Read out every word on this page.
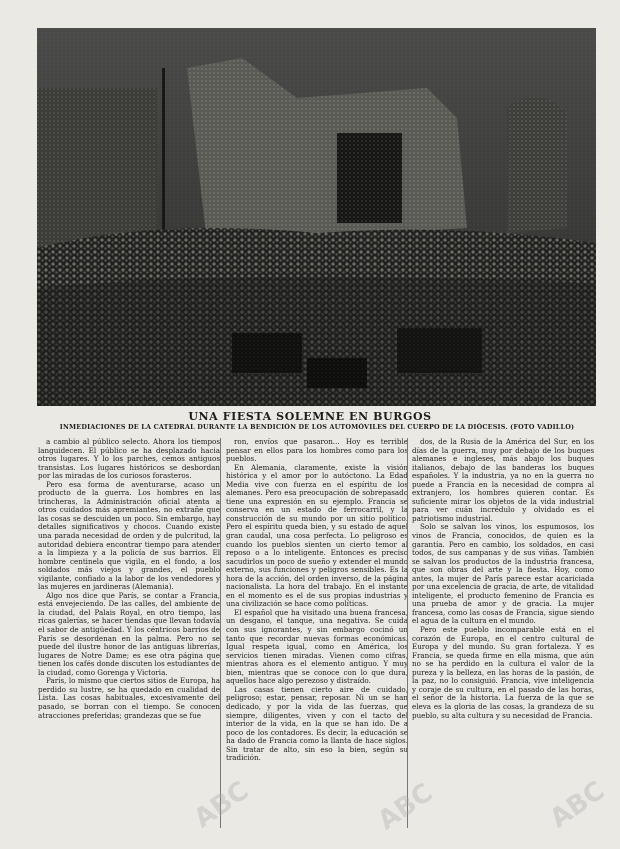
UNA FIESTA SOLEMNE EN BURGOS
INMEDIACIONES DE LA CATEDRAL DURANTE LA BENDICIÓN DE LOS AUTOMÓVILES DEL CUERPO DE LA DIÓCESIS. (FOTO VADILLO)

a cambio al público selecto. Ahora los tiempos languidecen. El público se ha desplazado hacia otros lugares. Y lo los parches, cemos antiguos transistas. Los lugares históricos se desbordan por las miradas de los curiosos forasteros.

Pero esa forma de aventurarse, acaso un producto de la guerra. Los hombres en las trincheras, la Administración oficial atenta a otros cuidados más apremiantes, no extrañe que las cosas se descuiden un poco. Sin embargo, hay detalles significativos y chocos. Cuando existe una parada necesidad de orden y de pulcritud, la autoridad debiera encontrar tiempo para atender a la limpieza y a la policía de sus barrios. El hombre centinela que vigila, en el fondo, a los soldados más viejos y grandes, el pueblo vigilante, confiado a la labor de los vendedores y las mujeres en jardineras (Alemania).

Algo nos dice que París, se contar a Francia, está envejeciendo. De las calles, del ambiente de la ciudad, del Palais Royal, en otro tiempo, las ricas galerías, se hacer tiendas que llevan todavía el sabor de antigüedad. Y los céntricos barrios de París se desordenan en la palma. Pero no se puede del ilustre honor de las antiguas librerías, lugares de Notre Dame; es ese otra página que tienen los cafés donde discuten los estudiantes de la ciudad, como Gorenga y Victoria.

París, lo mismo que ciertos sitios de Europa, ha perdido su lustre, se ha quedado en cualidad de Lista. Las cosas habituales, excesivamente del pasado, se borran con el tiempo. Se conocen atracciones preferidas; grandezas que se fue

ron, envíos que pasaron... Hoy es terrible pensar en ellos para los hombres como para los pueblos.

En Alemania, claramente, existe la visión histórica y el amor por lo autóctono. La Edad Media vive con fuerza en el espíritu de los alemanes. Pero esa preocupación de sobrepasado tiene una expresión en su ejemplo. Francia se conserva en un estado de ferrocarril, y la construcción de su mundo por un sitio político. Pero el espíritu queda bien, y su estado de aquel gran caudal, una cosa perfecta. Lo peligroso es cuando los pueblos sienten un cierto temor al reposo o a lo inteligente. Entonces es preciso sacudirlos un poco de sueño y extender el mundo externo, sus funciones y peligros sensibles. Es la hora de la acción, del orden inverso, de la página nacionalista. La hora del trabajo. En el instante en el momento es el de sus propias industrias y una civilización se hace como políticas.

El español que ha visitado una buena francesa, un desgano, el tanque, una negativa. Se cuida con sus ignorantes, y sin embargo cocinó un tanto que recordar nuevas formas económicas. Igual respeta igual, como en América, los servicios tienen miradas. Vienen como cifras, mientras ahora es el elemento antiguo. Y muy bien, mientras que se conoce con lo que dura, aquellos hace algo perezoso y distraído.

Las casas tienen cierto aire de cuidado, peligroso; estar, pensar, reposar. Ni un se han dedicado, y por la vida de las fuerzas, que siempre, diligentes, viven y con el tacto del interior de la vida, en la que se han ido. De a poco de los contadores. Es decir, la educación se ha dado de Francia como la llanta de hace siglos. Sin tratar de alto, sin eso la bien, según su tradición.

dos, de la Rusia de la América del Sur, en los días de la guerra, muy por debajo de los buques alemanes e ingleses, más abajo los buques italianos, debajo de las banderas los buques españoles. Y la industria, ya no en la guerra no puede a Francia en la necesidad de compra al extranjero, los hombres quieren contar. Es suficiente mirar los objetos de la vida industrial para ver cuán incrédulo y olvidado es el patriotismo industrial.

Solo se salvan los vinos, los espumosos, los vinos de Francia, conocidos, de quien es la garantía. Pero en cambio, los soldados, en casi todos, de sus campanas y de sus viñas. También se salvan los productos de la industria francesa, que son obras del arte y la fiesta. Hoy, como antes, la mujer de París parece estar acariciada por una excelencia de gracia, de arte, de vitalidad inteligente, el producto femenino de Francia es una prueba de amor y de gracia. La mujer francesa, como las cosas de Francia, sigue siendo el agua de la cultura en el mundo.

Pero este pueblo incomparable está en el corazón de Europa, en el centro cultural de Europa y del mundo. Su gran fortaleza. Y es Francia, se queda firme en ella misma, que aún no se ha perdido en la cultura el valor de la pureza y la belleza, en las horas de la pasión, de la paz, no lo consiguió. Francia, vive inteligencia y coraje de su cultura, en el pasado de las horas, el señor de la historia. La fuerza de la que se eleva es la gloria de las cosas, la grandeza de su pueblo, su alta cultura y su necesidad de Francia.

ABC	ABC	ABC
